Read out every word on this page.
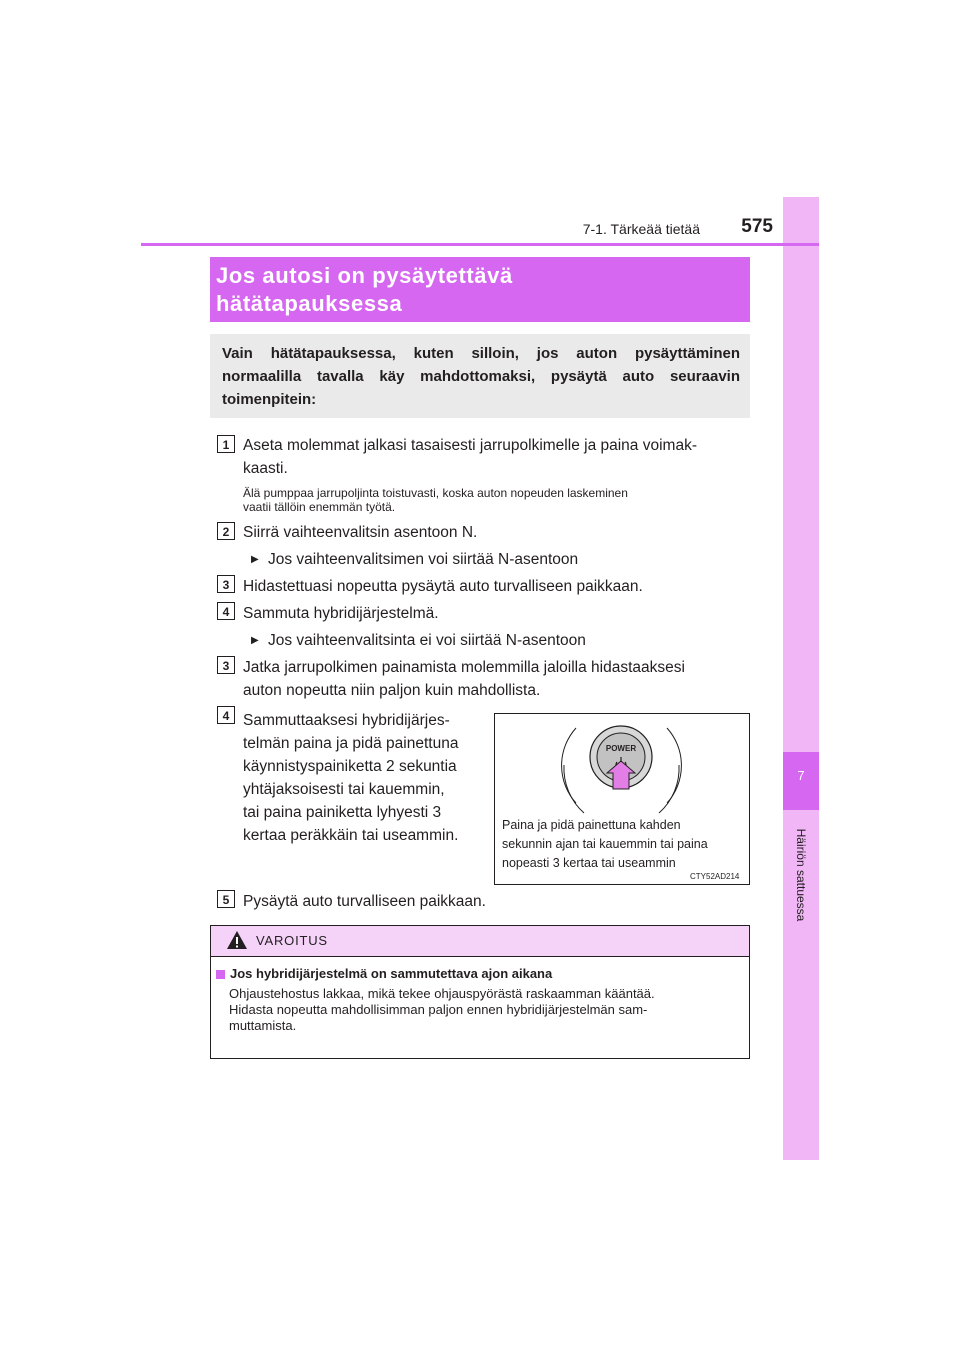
7
Häiriön sattuessa
7-1. Tärkeää tietää	575
Jos autosi on pysäytettävä
hätätapauksessa
Vain hätätapauksessa, kuten silloin, jos auton pysäyttäminen normaalilla tavalla käy mahdottomaksi, pysäytä auto seuraavin toimenpitein:
1 Aseta molemmat jalkasi tasaisesti jarrupolkimelle ja paina voimak-
kaasti.
Älä pumppaa jarrupoljinta toistuvasti, koska auton nopeuden laskeminen
vaatii tällöin enemmän työtä.
2 Siirrä vaihteenvalitsin asentoon N.
▶ Jos vaihteenvalitsimen voi siirtää N-asentoon
3 Hidastettuasi nopeutta pysäytä auto turvalliseen paikkaan.
4 Sammuta hybridijärjestelmä.
▶ Jos vaihteenvalitsinta ei voi siirtää N-asentoon
3 Jatka jarrupolkimen painamista molemmilla jaloilla hidastaaksesi
auton nopeutta niin paljon kuin mahdollista.
4 Sammuttaaksesi hybridijärjes-
telmän paina ja pidä painettuna
käynnistyspainiketta 2 sekuntia
yhtäjaksoisesti tai kauemmin,
tai paina painiketta lyhyesti 3
kertaa peräkkäin tai useammin.
POWER
Paina ja pidä painettuna kahden
sekunnin ajan tai kauemmin tai paina
nopeasti 3 kertaa tai useammin
CTY52AD214
5 Pysäytä auto turvalliseen paikkaan.
VAROITUS
Jos hybridijärjestelmä on sammutettava ajon aikana
Ohjaustehostus lakkaa, mikä tekee ohjauspyörästä raskaamman kääntää.
Hidasta nopeutta mahdollisimman paljon ennen hybridijärjestelmän sam-
muttamista.
